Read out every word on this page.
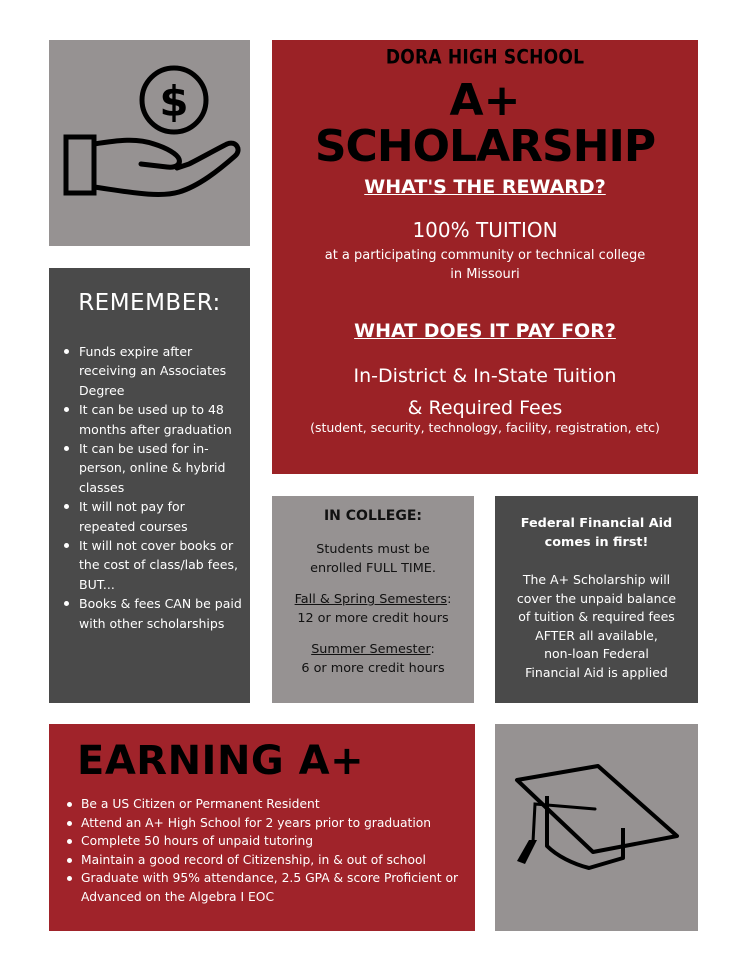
$
DORA HIGH SCHOOL
A+
SCHOLARSHIP
WHAT'S THE REWARD?
100% TUITION
at a participating community or technical college
in Missouri
WHAT DOES IT PAY FOR?
In-District & In-State Tuition
& Required Fees
(student, security, technology, facility, registration, etc)
REMEMBER:
Funds expire after receiving an Associates Degree
It can be used up to 48 months after graduation
It can be used for in-person, online & hybrid classes
It will not pay for repeated courses
It will not cover books or the cost of class/lab fees, BUT...
Books & fees CAN be paid with other scholarships
IN COLLEGE:
Students must be
enrolled FULL TIME.
Fall & Spring Semesters:
12 or more credit hours
Summer Semester:
6 or more credit hours
Federal Financial Aid
comes in first!
The A+ Scholarship will
cover the unpaid balance
of tuition & required fees
AFTER all available,
non-loan Federal
Financial Aid is applied
EARNING A+
Be a US Citizen or Permanent Resident
Attend an A+ High School for 2 years prior to graduation
Complete 50 hours of unpaid tutoring
Maintain a good record of Citizenship, in & out of school
Graduate with 95% attendance, 2.5 GPA & score Proficient or Advanced on the Algebra I EOC
